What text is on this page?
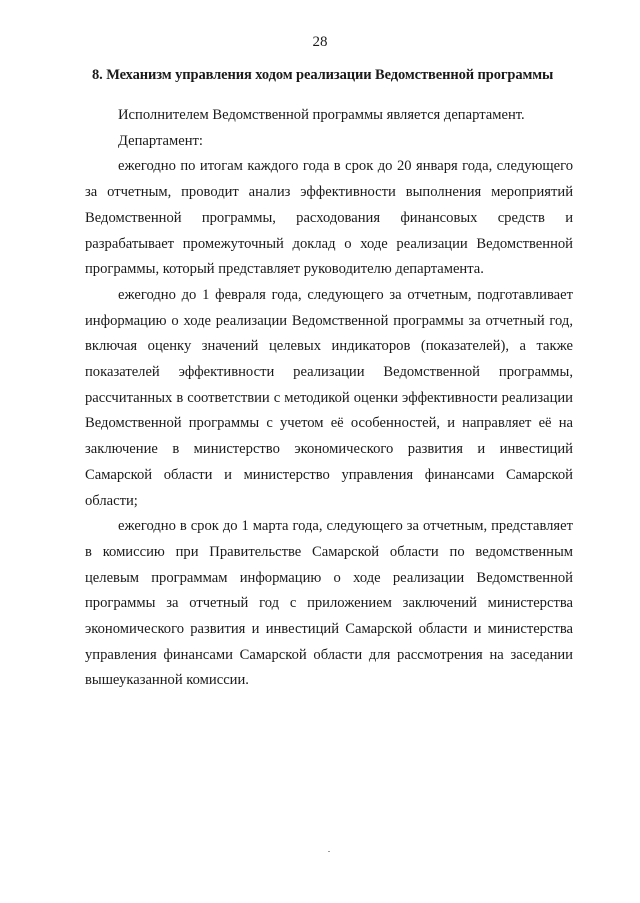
28
8. Механизм управления ходом реализации Ведомственной программы

Исполнителем Ведомственной программы является департамент.

Департамент:

ежегодно по итогам каждого года в срок до 20 января года, следующего за отчетным, проводит анализ эффективности выполнения мероприятий Ведомственной программы, расходования финансовых средств и разрабатывает промежуточный доклад о ходе реализации Ведомственной программы, который представляет руководителю департамента.

ежегодно до 1 февраля года, следующего за отчетным, подготавливает информацию о ходе реализации Ведомственной программы за отчетный год, включая оценку значений целевых индикаторов (показателей), а также показателей эффективности реализации Ведомственной программы, рассчитанных в соответствии с методикой оценки эффективности реализации Ведомственной программы с учетом её особенностей, и направляет её на заключение в министерство экономического развития и инвестиций Самарской области и министерство управления финансами Самарской области;

ежегодно в срок до 1 марта года, следующего за отчетным, представляет в комиссию при Правительстве Самарской области по ведомственным целевым программам информацию о ходе реализации Ведомственной программы за отчетный год с приложением заключений министерства экономического развития и инвестиций Самарской области и министерства управления финансами Самарской области для рассмотрения на заседании вышеуказанной комиссии.
